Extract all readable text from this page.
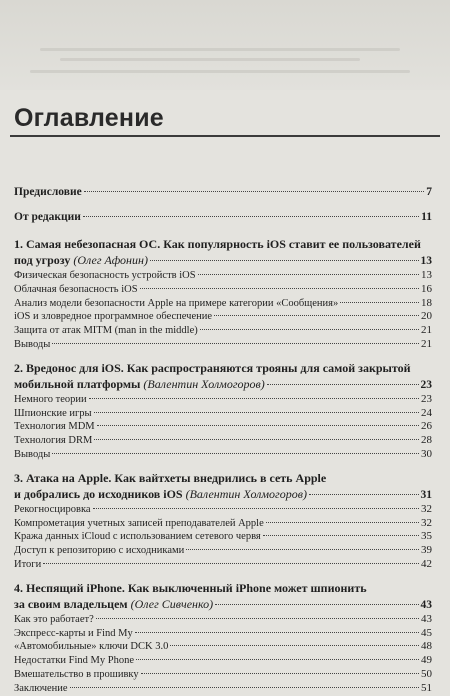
Оглавление
Предисловие	7
От редакции	11
1. Самая небезопасная ОС. Как популярность iOS ставит ее пользователей
под угрозу (Олег Афонин)	13
Физическая безопасность устройств iOS	13
Облачная безопасность iOS	16
Анализ модели безопасности Apple на примере категории «Сообщения»	18
iOS и зловредное программное обеспечение	20
Защита от атак MITM (man in the middle)	21
Выводы	21
2. Вредонос для iOS. Как распространяются трояны для самой закрытой
мобильной платформы (Валентин Холмогоров)	23
Немного теории	23
Шпионские игры	24
Технология MDM	26
Технология DRM	28
Выводы	30
3. Атака на Apple. Как вайтхеты внедрились в сеть Apple
и добрались до исходников iOS (Валентин Холмогоров)	31
Рекогносцировка	32
Компрометация учетных записей преподавателей Apple	32
Кража данных iCloud с использованием сетевого червя	35
Доступ к репозиторию с исходниками	39
Итоги	42
4. Неспящий iPhone. Как выключенный iPhone может шпионить
за своим владельцем (Олег Сивченко)	43
Как это работает?	43
Экспресс-карты и Find My	45
«Автомобильные» ключи DCK 3.0	48
Недостатки Find My Phone	49
Вмешательство в прошивку	50
Заключение	51
